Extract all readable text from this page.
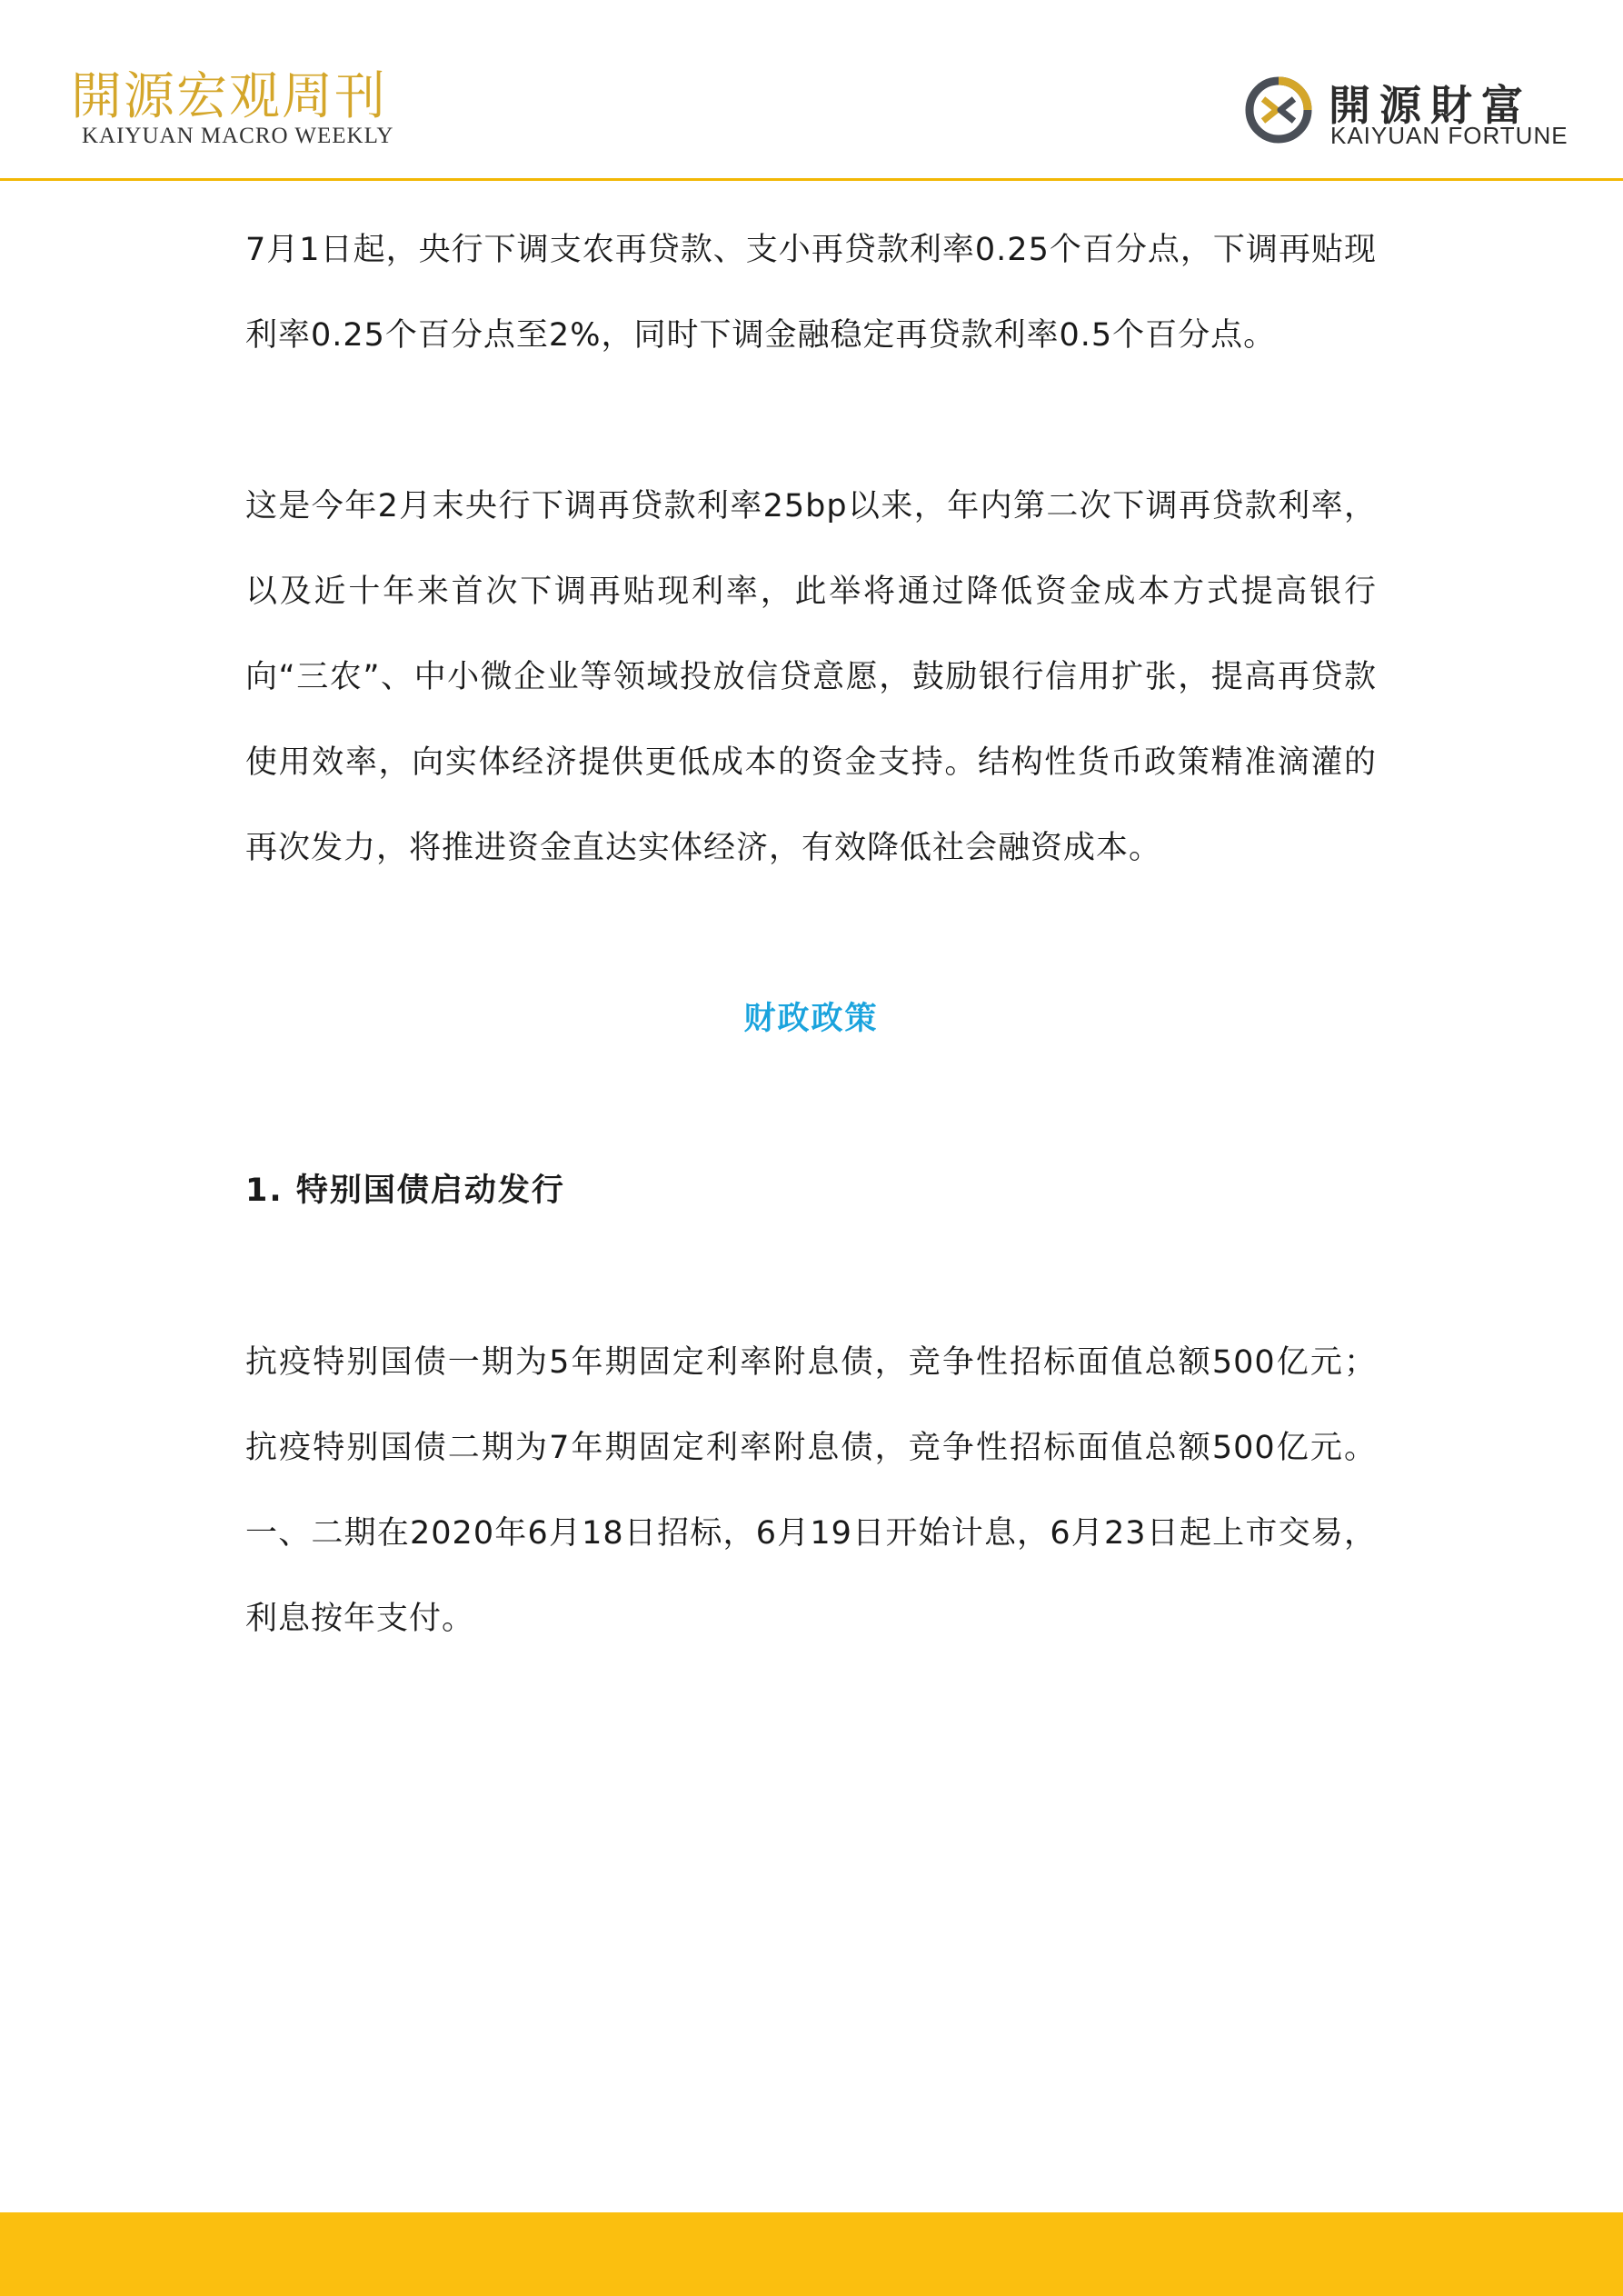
開源宏观周刊
KAIYUAN MACRO WEEKLY
開源財富
KAIYUAN FORTUNE

7月1日起，央行下调支农再贷款、支小再贷款利率0.25个百分点，下调再贴现利率0.25个百分点至2%，同时下调金融稳定再贷款利率0.5个百分点。

这是今年2月末央行下调再贷款利率25bp以来，年内第二次下调再贷款利率，以及近十年来首次下调再贴现利率，此举将通过降低资金成本方式提高银行向“三农”、中小微企业等领域投放信贷意愿，鼓励银行信用扩张，提高再贷款使用效率，向实体经济提供更低成本的资金支持。结构性货币政策精准滴灌的再次发力，将推进资金直达实体经济，有效降低社会融资成本。

财政政策
1. 特别国债启动发行

抗疫特别国债一期为5年期固定利率附息债，竞争性招标面值总额500亿元；抗疫特别国债二期为7年期固定利率附息债，竞争性招标面值总额500亿元。一、二期在2020年6月18日招标，6月19日开始计息，6月23日起上市交易，利息按年支付。
